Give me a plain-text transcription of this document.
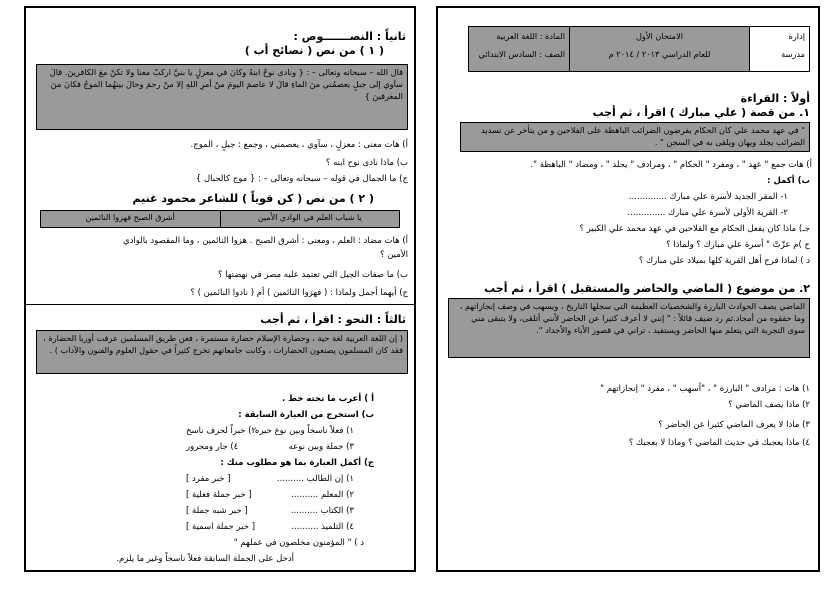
ثانياً : النصـــــــوص :
( ١ ) من نص ( نصائح أب )

قال الله – سبحانه وتعالى – : { ونادى نوحٌ ابنهُ وكانَ في معزلٍ يا بنيَّ اركبْ معنا ولا تكنْ معَ الكافرينَ. قالَ سآوي إلى جبلٍ يعصمُني منَ الماءِ قالَ لا عاصمَ اليومَ منْ أمرِ اللهِ إلا منْ رحمَ وحالَ بينهُما الموجُ فكانَ منَ المغرقينَ }

أ) هات معنى : معزلٍ ، سآوي ، يعصمني ، وجمع : جبلٍ ، الموج.
ب) ماذا نادى نوح ابنه ؟
ج) ما الجمال في قوله – سبحانه وتعالى – : { موج كالجبال }
( ٢ ) من نص ( كن قوياً ) للشاعر محمود غنيم
يا شباب العلم في الوادي الأمين
أشرق الصبح فهزوا النائمين
أ) هات مضاد : العلم ، ومعنى : أشرق الصبح . هزوا النائمين ، وما المقصود بالوادي
الأمين ؟
ب) ما صفات الجيل التي تعتمد عليه مصر في نهضتها ؟
ج) أيهما أجمل ولماذا : ( فهزوا النائمين ) أم ( نادوا النائمين ) ؟
ثالثاً : النحو : اقرأ ، ثم أجب

( إن اللغة العربية لغة حية ، وحضارة الإسلام حضارة مستمرة ، فعن طريق المسلمين عرفت أوربا الحضارة ، فقد كان المسلمون يصنعون الحضارات ، وكانت جامعاتهم تخرج كثيراً في حقول العلوم والفنون والآداب ) .

أ ) أعرب ما تحته خط .
ب) استخرج من العبارة السابقة :
١) فعلاً ناسخاً وبين نوع خبره
٢) خبراً لحرف ناسخ
٣) جملة وبين نوعه
٤) جار ومجرور
ج) أكمل العبارة بما هو مطلوب منك :
١) إن الطالب ..........
[ خبر مفرد ]
٢) المعلم ..........
[ خبر جملة فعلية ]
٣) الكتاب ..........
[ خبر شبه جملة ]
٤) التلميذ ..........
[ خبر جملة اسمية ]
د ) " المؤمنون مخلصون في عملهم "
أدخل على الجملة السابقة فعلاً ناسخاً وغير ما يلزم.
إدارة
مدرسة
الامتحان الأول
للعام الدراسي ٢٠١٣ / ٢٠١٤ م
المادة : اللغة العربية
الصف : السادس الابتدائي
أولاً : القراءة
١. من قصة ( علي مبارك ) اقرأ ، ثم أجب

" في عهد محمد علي كان الحكام يفرضون الضرائب الباهظة على الفلاحين و من يتأخر عن تسديد الضرائب يجلد ويهان ويلقى به في السجن " .

أ) هات جمع " عهد " ، ومفرد " الحكام " ، ومرادف " يجلد " ، ومضاد " الباهظة ".
ب) أكمل :
١- المقر الجديد لأسرة علي مبارك ..............
٢- القرية الأولى لأسرة علي مبارك ..............
جـ) ماذا كان يفعل الحكام مع الفلاحين في عهد محمد علي الكبير ؟
ح )م عزّتْ " أسرة علي مبارك ؟ ولماذا ؟
د ) لماذا فرح أهل القرية كلها بميلاد علي مبارك ؟
٢. من موضوع ( الماضي والحاضر والمستقبل ) اقرأ ، ثم أجب

الماضي يصف الحوادث البارزة والشخصيات العظيمة التي سجلها التاريخ ، ويسهب في وصف إنجازاتهم ، وما حققوه من أمجاد.ثم رد ضيف قائلاً : " إنني لا أعرف كثيرا عن الحاضر لأنني أتلقى، ولا يتبقى مني سوى التجربة التي يتعلم منها الحاضر ويستفيد ، تراني في قصور الأباء والأجداد ".

١) هات : مرادف " البارزة " ، "أسهب " ، مفرد " إنجازاتهم "
٢) ماذا يصف الماضي ؟
٣) ماذا لا يعرف الماضي كثيرا عن الحاضر ؟
٤) ماذا يعجبك في حديث الماضي ؟ وماذا لا يعجبك ؟
